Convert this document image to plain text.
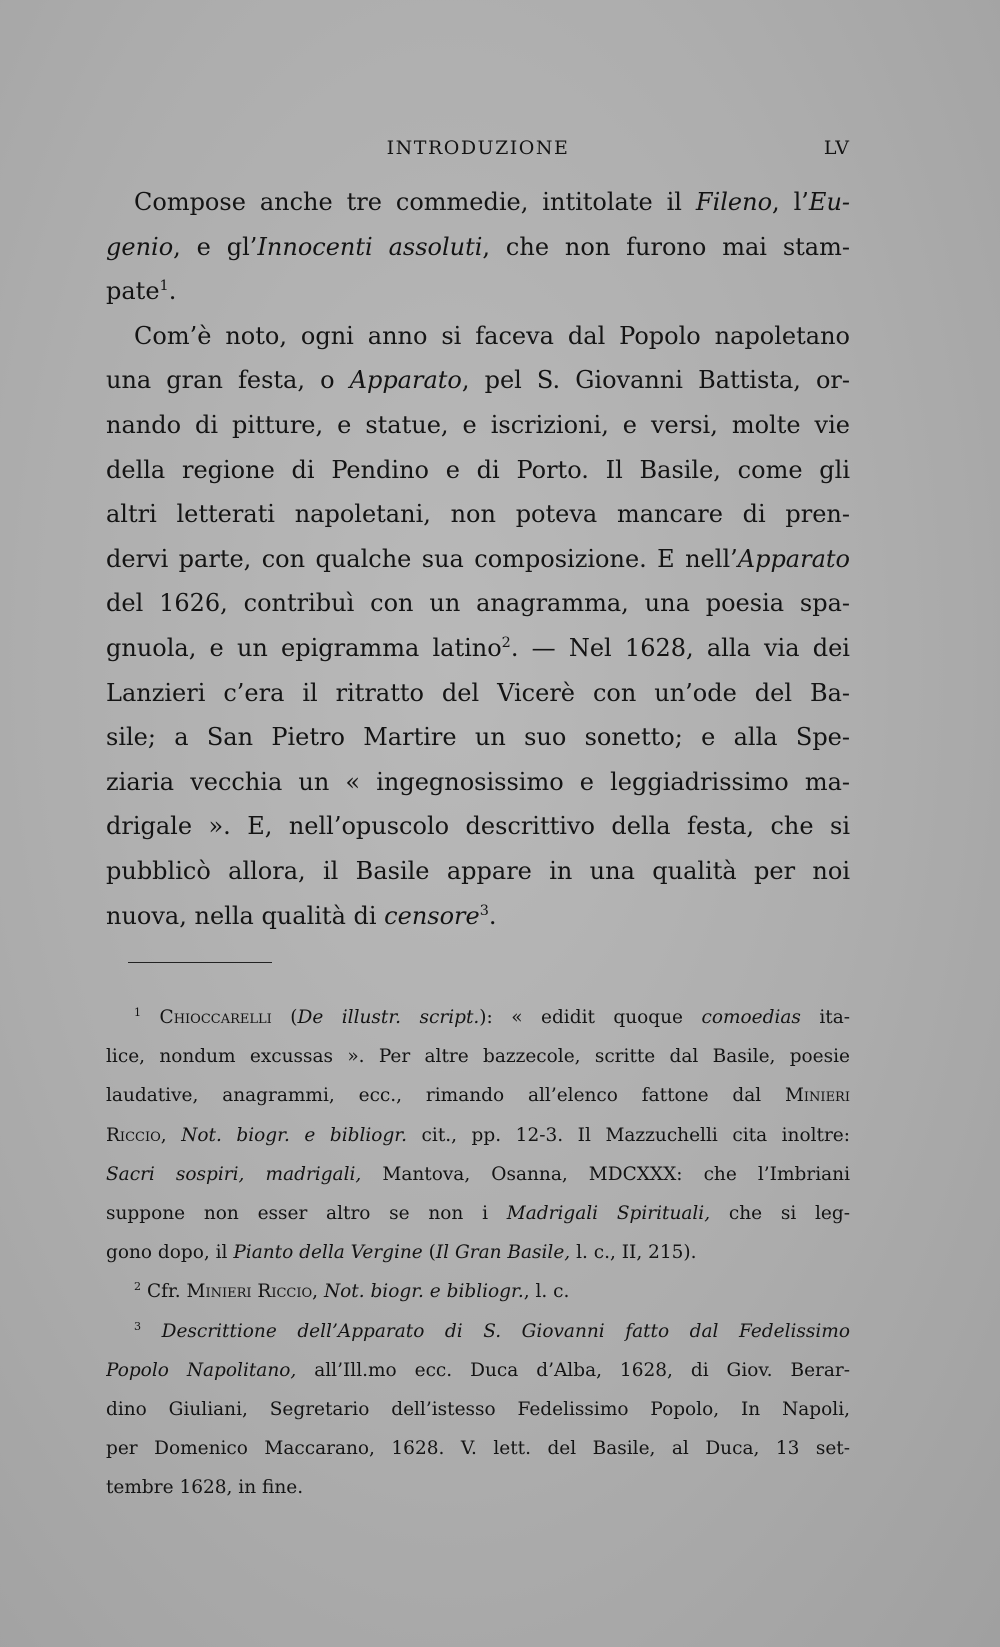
INTRODUZIONE	LV
Compose anche tre commedie, intitolate il Fileno, l’Eu-
genio, e gl’Innocenti assoluti, che non furono mai stam-
pate$^1$.
Com’è noto, ogni anno si faceva dal Popolo napoletano
una gran festa, o Apparato, pel S. Giovanni Battista, or-
nando di pitture, e statue, e iscrizioni, e versi, molte vie
della regione di Pendino e di Porto. Il Basile, come gli
altri letterati napoletani, non poteva mancare di pren-
dervi parte, con qualche sua composizione. E nell’Apparato
del 1626, contribuì con un anagramma, una poesia spa-
gnuola, e un epigramma latino$^2$. — Nel 1628, alla via dei
Lanzieri c’era il ritratto del Vicerè con un’ode del Ba-
sile; a San Pietro Martire un suo sonetto; e alla Spe-
ziaria vecchia un « ingegnosissimo e leggiadrissimo ma-
drigale ». E, nell’opuscolo descrittivo della festa, che si
pubblicò allora, il Basile appare in una qualità per noi
nuova, nella qualità di censore$^3$.
$^1$ Chioccarelli (De illustr. script.): « edidit quoque comoedias ita-
lice, nondum excussas ». Per altre bazzecole, scritte dal Basile, poesie
laudative, anagrammi, ecc., rimando all’elenco fattone dal Minieri
Riccio, Not. biogr. e bibliogr. cit., pp. 12-3. Il Mazzuchelli cita inoltre:
Sacri sospiri, madrigali, Mantova, Osanna, MDCXXX: che l’Imbriani
suppone non esser altro se non i Madrigali Spirituali, che si leg-
gono dopo, il Pianto della Vergine (Il Gran Basile, l. c., II, 215).
$^2$ Cfr. Minieri Riccio, Not. biogr. e bibliogr., l. c.
$^3$ Descrittione dell’Apparato di S. Giovanni fatto dal Fedelissimo
Popolo Napolitano, all’Ill.mo ecc. Duca d’Alba, 1628, di Giov. Berar-
dino Giuliani, Segretario dell’istesso Fedelissimo Popolo, In Napoli,
per Domenico Maccarano, 1628. V. lett. del Basile, al Duca, 13 set-
tembre 1628, in fine.
